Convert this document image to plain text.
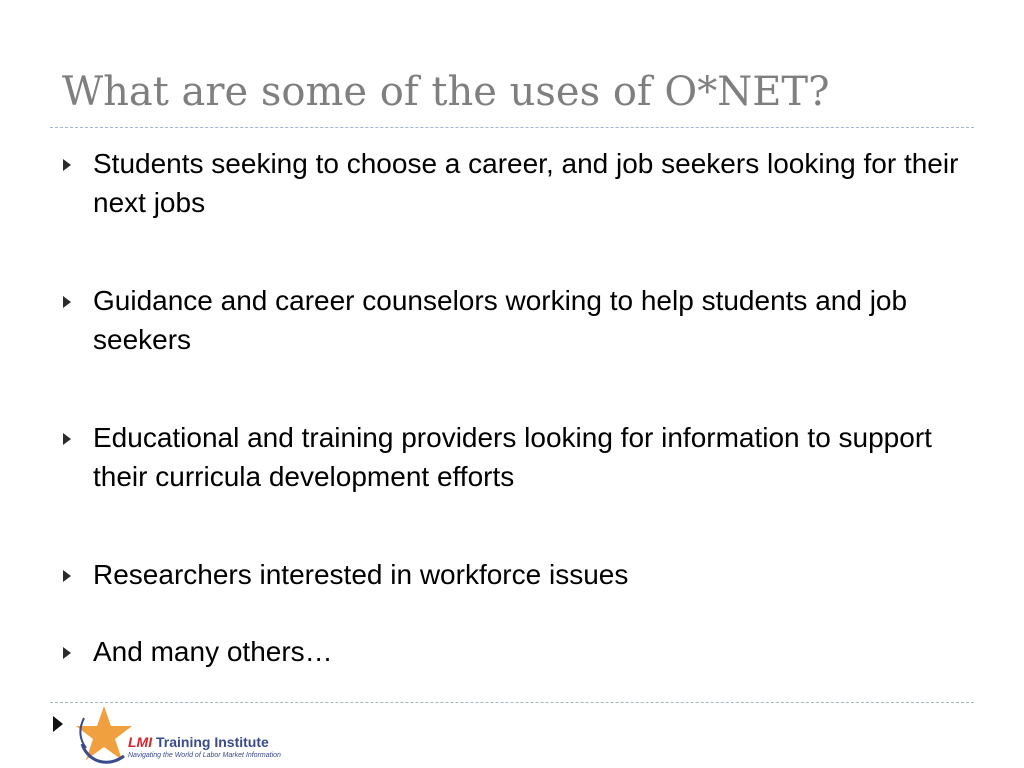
What are some of the uses of O*NET?
Students seeking to choose a career, and job seekers looking for their next jobs
Guidance and career counselors working to help students and job seekers
Educational and training providers looking for information to support their curricula development efforts
Researchers interested in workforce issues
And many others…
LMI Training Institute
Navigating the World of Labor Market Information
